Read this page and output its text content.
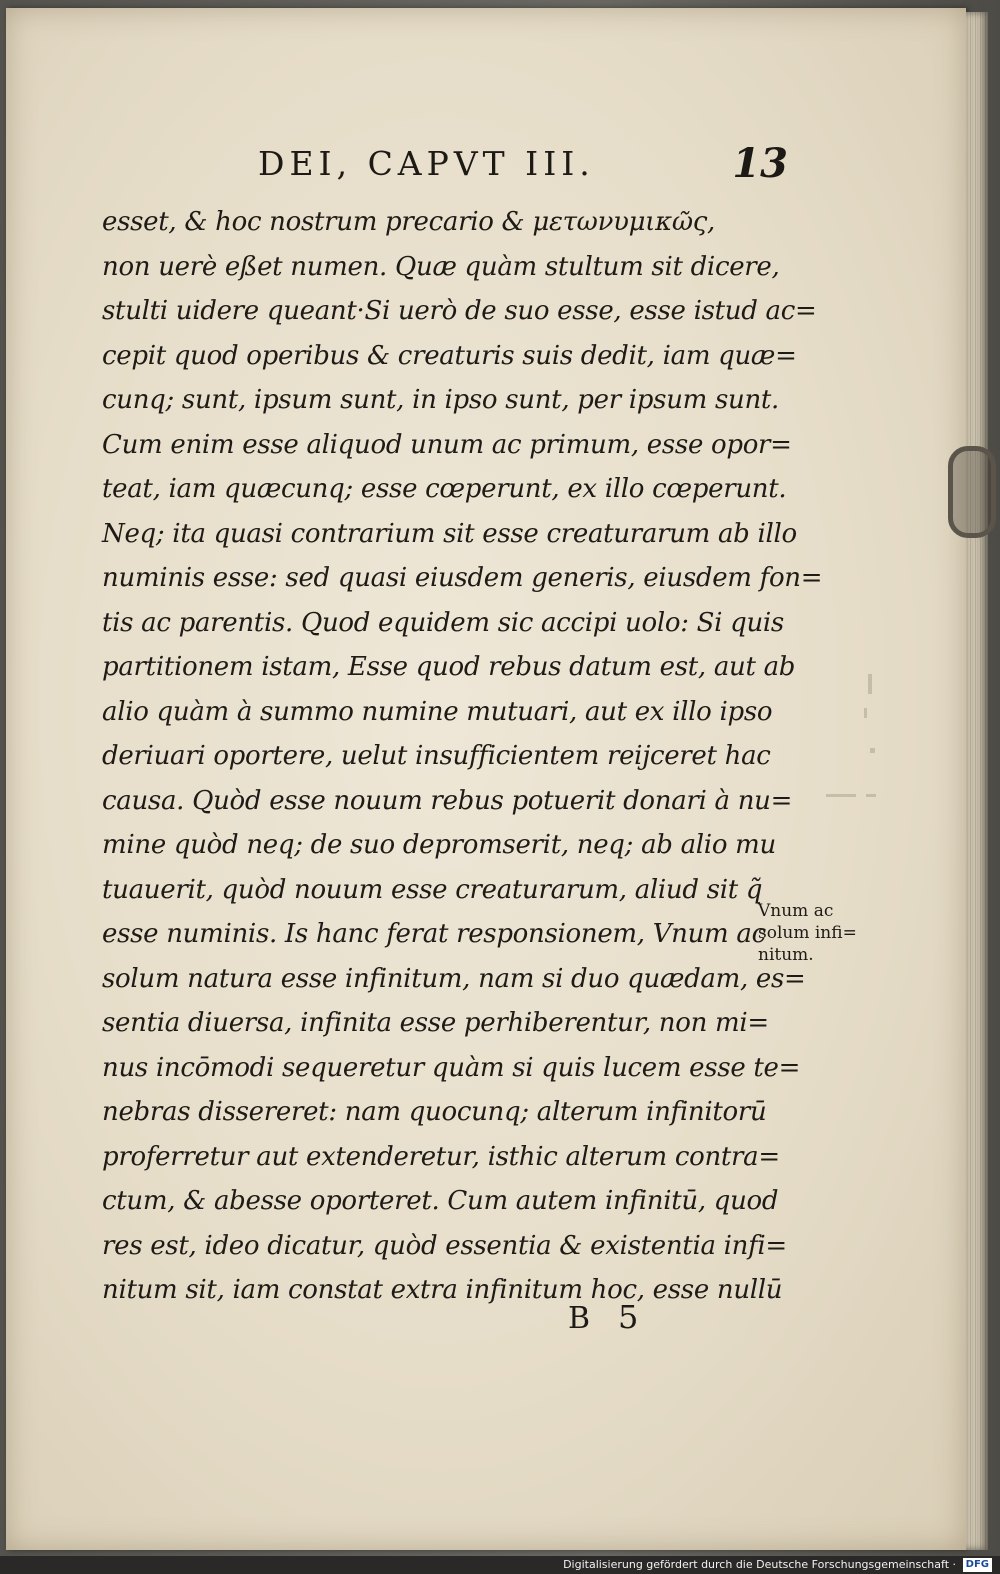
DEI, CAPVT III.	13
esset, & hoc nostrum precario & μετωνυμικῶς,
non uerè eßet numen. Quæ quàm stultum sit dicere,
stulti uidere queant·Si uerò de suo esse, esse istud ac=
cepit quod operibus & creaturis suis dedit, iam quæ=
cunq; sunt, ipsum sunt, in ipso sunt, per ipsum sunt.
Cum enim esse aliquod unum ac primum, esse opor=
teat, iam quæcunq; esse cœperunt, ex illo cœperunt.
Neq; ita quasi contrarium sit esse creaturarum ab illo
numinis esse: sed quasi eiusdem generis, eiusdem fon=
tis ac parentis. Quod equidem sic accipi uolo: Si quis
partitionem istam, Esse quod rebus datum est, aut ab
alio quàm à summo numine mutuari, aut ex illo ipso
deriuari oportere, uelut insufficientem reijceret hac
causa. Quòd esse nouum rebus potuerit donari à nu=
mine quòd neq; de suo depromserit, neq; ab alio mu
tuauerit, quòd nouum esse creaturarum, aliud sit q̃
esse numinis. Is hanc ferat responsionem, Vnum ac
solum natura esse infinitum, nam si duo quædam, es=
sentia diuersa, infinita esse perhiberentur, non mi=
nus incōmodi sequeretur quàm si quis lucem esse te=
nebras dissereret: nam quocunq; alterum infinitorū
proferretur aut extenderetur, isthic alterum contra=
ctum, & abesse oporteret. Cum autem infinitū, quod
res est, ideo dicatur, quòd essentia & existentia infi=
nitum sit, iam constat extra infinitum hoc, esse nullū
Vnum ac
solum infi=
nitum.
B 5
Digitalisierung gefördert durch die Deutsche Forschungsgemeinschaft · DFG
